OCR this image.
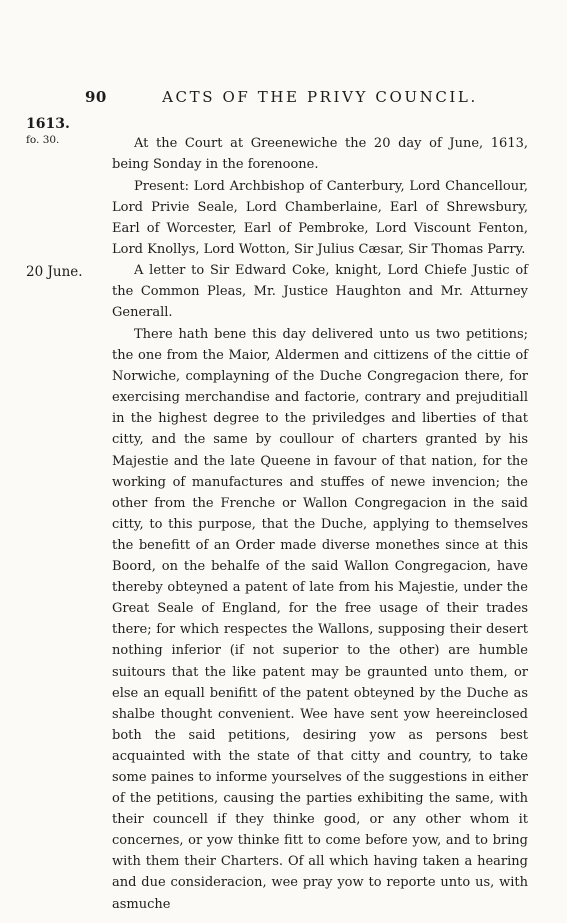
90	ACTS OF THE PRIVY COUNCIL.
1613.
fo. 30.
20 June.

At the Court at Greenewiche the 20 day of June, 1613, being Sonday in the forenoone.

Present: Lord Archbishop of Canterbury, Lord Chancellour, Lord Privie Seale, Lord Chamberlaine, Earl of Shrewsbury, Earl of Worcester, Earl of Pembroke, Lord Viscount Fenton, Lord Knollys, Lord Wotton, Sir Julius Cæsar, Sir Thomas Parry.

A letter to Sir Edward Coke, knight, Lord Chiefe Justic of the Common Pleas, Mr. Justice Haughton and Mr. Atturney Generall.

There hath bene this day delivered unto us two petitions; the one from the Maior, Aldermen and cittizens of the cittie of Norwiche, complayning of the Duche Congregacion there, for exercising merchandise and factorie, contrary and prejuditiall in the highest degree to the priviledges and liberties of that citty, and the same by coullour of charters granted by his Majestie and the late Queene in favour of that nation, for the working of manufactures and stuffes of newe invencion; the other from the Frenche or Wallon Congregacion in the said citty, to this purpose, that the Duche, applying to themselves the benefitt of an Order made diverse monethes since at this Boord, on the behalfe of the said Wallon Congregacion, have thereby obteyned a patent of late from his Majestie, under the Great Seale of England, for the free usage of their trades there; for which respectes the Wallons, supposing their desert nothing inferior (if not superior to the other) are humble suitours that the like patent may be graunted unto them, or else an equall benifitt of the patent obteyned by the Duche as shalbe thought convenient. Wee have sent yow heereinclosed both the said petitions, desiring yow as persons best acquainted with the state of that citty and country, to take some paines to informe yourselves of the suggestions in either of the petitions, causing the parties exhibiting the same, with their councell if they thinke good, or any other whom it concernes, or yow thinke fitt to come before yow, and to bring with them their Charters. Of all which having taken a hearing and due consideracion, wee pray yow to reporte unto us, with asmuche
